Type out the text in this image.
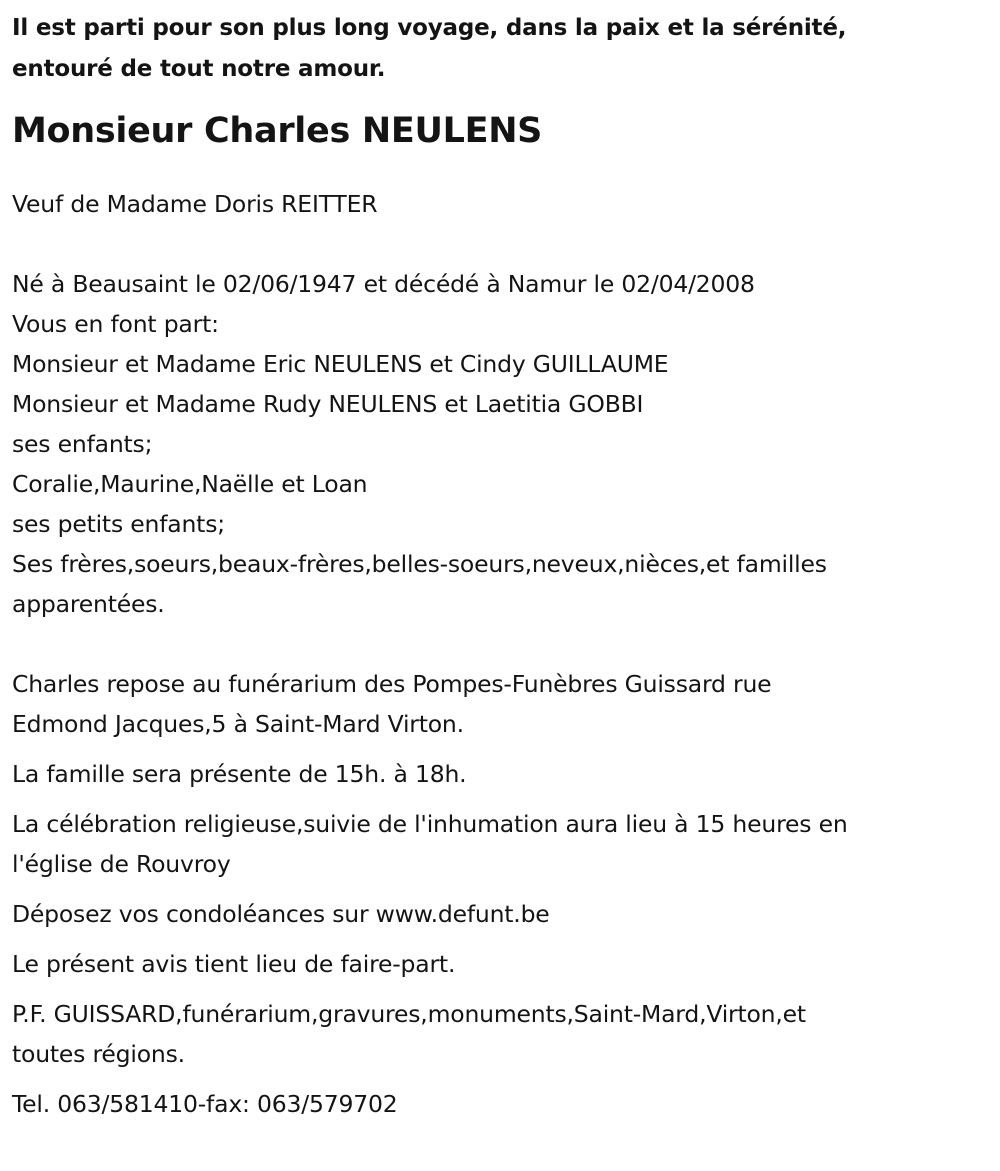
Il est parti pour son plus long voyage, dans la paix et la sérénité,
entouré de tout notre amour.

Monsieur Charles NEULENS

Veuf de Madame Doris REITTER

Né à Beausaint le 02/06/1947 et décédé à Namur le 02/04/2008

Vous en font part:

Monsieur et Madame Eric NEULENS et Cindy GUILLAUME

Monsieur et Madame Rudy NEULENS et Laetitia GOBBI

ses enfants;

Coralie,Maurine,Naëlle et Loan

ses petits enfants;

Ses frères,soeurs,beaux-frères,belles-soeurs,neveux,nièces,et familles
apparentées.

Charles repose au funérarium des Pompes-Funèbres Guissard rue
Edmond Jacques,5 à Saint-Mard Virton.

La famille sera présente de 15h. à 18h.

La célébration religieuse,suivie de l'inhumation aura lieu à 15 heures en
l'église de Rouvroy

Déposez vos condoléances sur www.defunt.be

Le présent avis tient lieu de faire-part.

P.F. GUISSARD,funérarium,gravures,monuments,Saint-Mard,Virton,et
toutes régions.

Tel. 063/581410-fax: 063/579702
